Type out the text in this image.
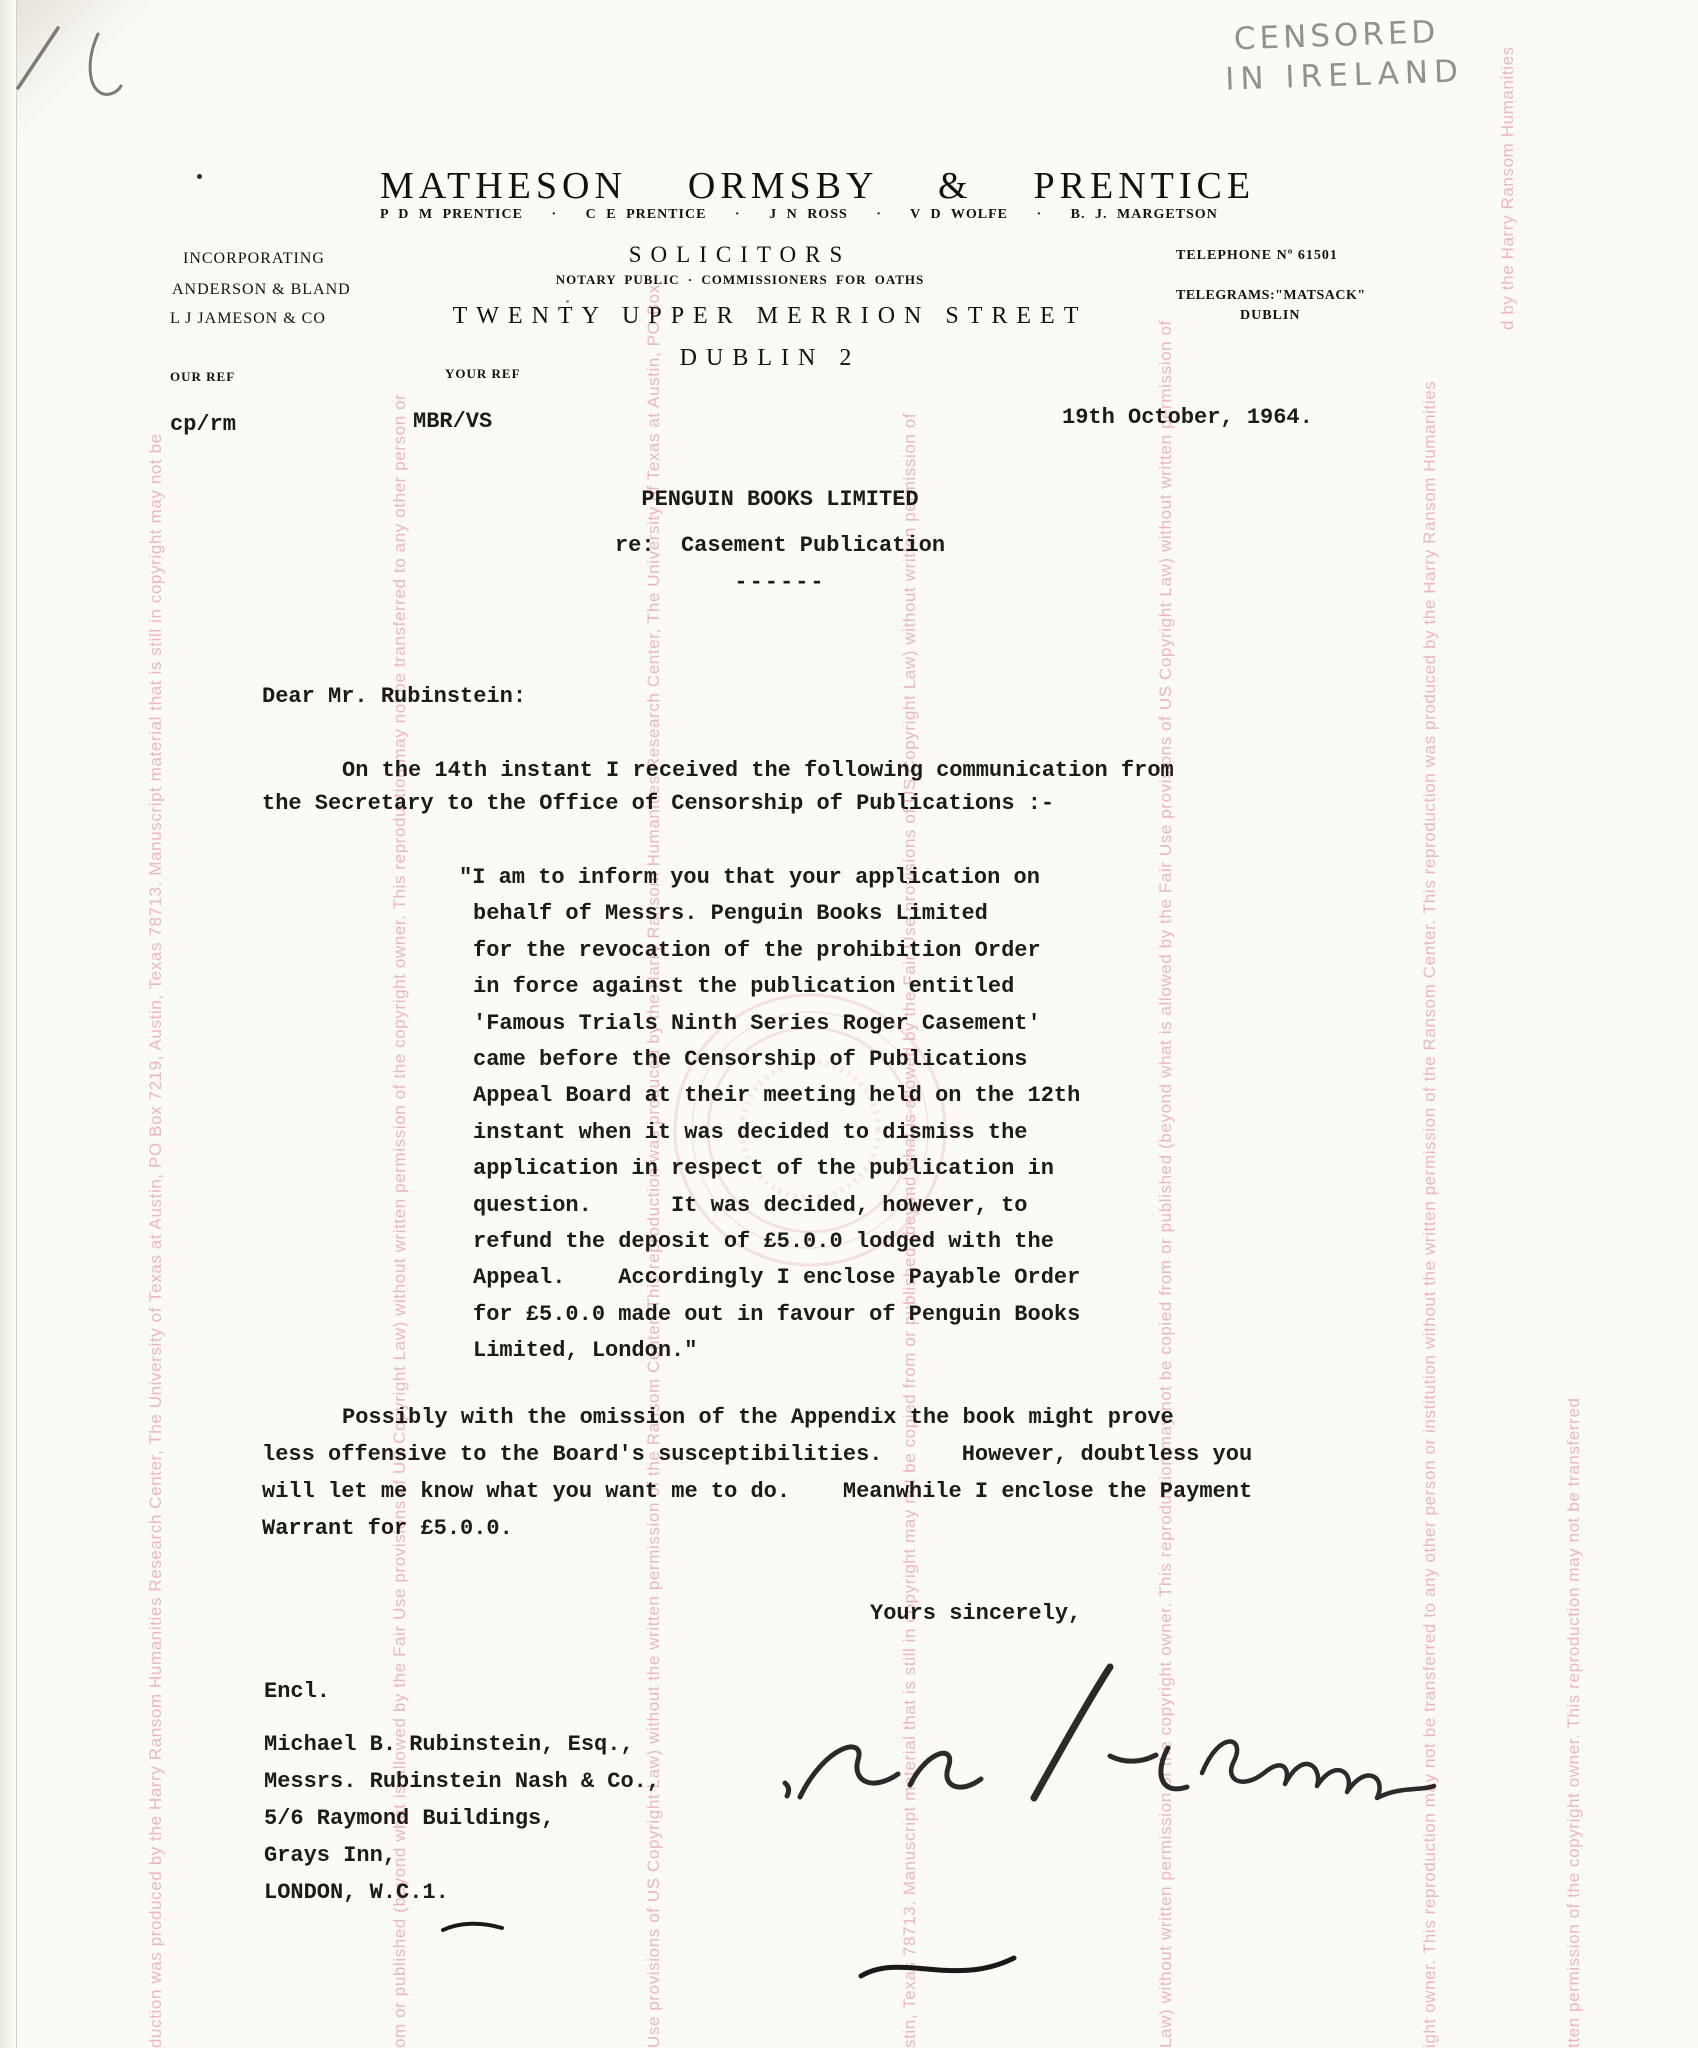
duction was produced by the Harry Ransom Humanities Research Center, The University of Texas at Austin, PO Box 7219, Austin, Texas 78713. Manuscript material that is still in copyright may not be	om or published (beyond what is allowed by the Fair Use provisions of US Copyright Law) without written permission of the copyright owner. This reproduction may not be transferred to any other person or	Use provisions of US Copyright Law) without the written permission of the Ransom Center. This reproduction was produced by the Harry Ransom Humanities Research Center, The University of Texas at Austin, PO Box	stin, Texas 78713. Manuscript material that is still in copyright may not be copied from or published (beyond what is allowed by the Fair Use provisions of US Copyright Law) without written permission of	Law) without written permission of the copyright owner. This reproduction may not be copied from or published (beyond what is allowed by the Fair Use provisions of US Copyright Law) without written permission of	ight owner. This reproduction may not be transferred to any other person or institution without the written permission of the Ransom Center. This reproduction was produced by the Harry Ransom Humanities
d by the Harry Ransom Humanities
tten permission of the copyright owner. This reproduction may not be transferred
CENSORED
IN IRELAND
MATHESON  ORMSBY  &  PRENTICE
P D M PRENTICE   ·   C E PRENTICE   ·   J N ROSS   ·   V D WOLFE   ·   B. J. MARGETSON
SOLICITORS
NOTARY PUBLIC · COMMISSIONERS FOR OATHS
INCORPORATING
ANDERSON & BLAND
L J JAMESON & CO
TELEPHONE Nº 61501
TELEGRAMS:"MATSACK"
DUBLIN
TWENTY UPPER MERRION STREET
DUBLIN 2
OUR REF	YOUR REF
cp/rm	MBR/VS	19th October, 1964.
PENGUIN BOOKS LIMITED
re:  Casement Publication
------
Dear Mr. Rubinstein:
On the 14th instant I received the following communication from
the Secretary to the Office of Censorship of Publications :-
"I am to inform you that your application on
behalf of Messrs. Penguin Books Limited
for the revocation of the prohibition Order
in force against the publication entitled
'Famous Trials Ninth Series Roger Casement'
came before the Censorship of Publications
Appeal Board at their meeting held on the 12th
instant when it was decided to dismiss the
application in respect of the publication in
question.      It was decided, however, to
refund the deposit of £5.0.0 lodged with the
Appeal.    Accordingly I enclose Payable Order
for £5.0.0 made out in favour of Penguin Books
Limited, London."
Possibly with the omission of the Appendix the book might prove
less offensive to the Board's susceptibilities.      However, doubtless you
will let me know what you want me to do.    Meanwhile I enclose the Payment
Warrant for £5.0.0.
Yours sincerely,
Encl.
Michael B. Rubinstein, Esq.,
Messrs. Rubinstein Nash & Co.,
5/6 Raymond Buildings,
Grays Inn,
LONDON, W.C.1.
